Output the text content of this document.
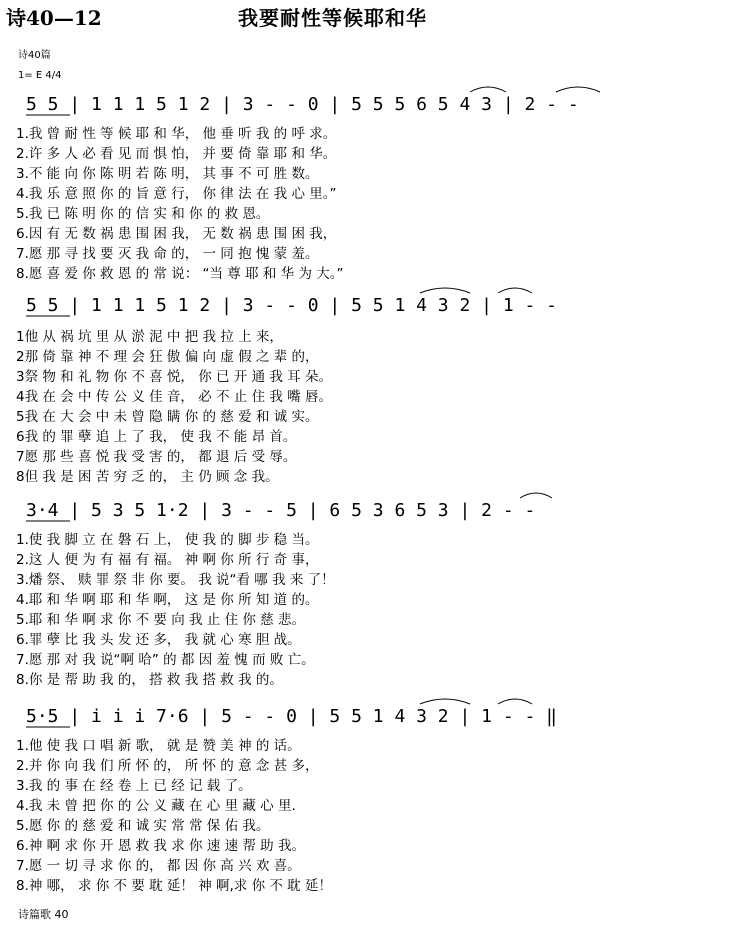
诗40—12	我要耐性等候耶和华
诗40篇
1= E 4/4
5 5 | 1 1 1 5 1 2 | 3 - - 0 | 5 5 5 6 5 4 3 | 2 - -
1.我 曾 耐 性 等 候 耶 和 华， 他 垂 听 我 的 呼 求。
2.许 多 人 必 看 见 而 惧 怕， 并 要 倚 靠 耶 和 华。
3.不 能 向 你 陈 明 若 陈 明， 其 事 不 可 胜 数。
4.我 乐 意 照 你 的 旨 意 行， 你 律 法 在 我 心 里。”
5.我 已 陈 明 你 的 信 实 和 你 的 救 恩。
6.因 有 无 数 祸 患 围 困 我， 无 数 祸 患 围 困 我，
7.愿 那 寻 找 要 灭 我 命 的， 一 同 抱 愧 蒙 羞。
8.愿 喜 爱 你 救 恩 的 常 说： “当 尊 耶 和 华 为 大。”
5 5 | 1 1 1 5 1 2 | 3 - - 0 | 5 5 1 4 3 2 | 1 - -
1他 从 祸 坑 里 从 淤 泥 中 把 我 拉 上 来，
2那 倚 靠 神 不 理 会 狂 傲 偏 向 虚 假 之 辈 的，
3祭 物 和 礼 物 你 不 喜 悦， 你 已 开 通 我 耳 朵。
4我 在 会 中 传 公 义 佳 音， 必 不 止 住 我 嘴 唇。
5我 在 大 会 中 未 曾 隐 瞒 你 的 慈 爱 和 诚 实。
6我 的 罪 孽 追 上 了 我， 使 我 不 能 昂 首。
7愿 那 些 喜 悦 我 受 害 的， 都 退 后 受 辱。
8但 我 是 困 苦 穷 乏 的， 主 仍 顾 念 我。
3·4 | 5 3 5 1·2 | 3 - - 5 | 6 5 3 6 5 3 | 2 - -
1.使 我 脚 立 在 磐 石 上， 使 我 的 脚 步 稳 当。
2.这 人 便 为 有 福 有 福。 神 啊 你 所 行 奇 事，
3.燔 祭、 赎 罪 祭 非 你 要。 我 说“看 哪 我 来 了！
4.耶 和 华 啊 耶 和 华 啊， 这 是 你 所 知 道 的。
5.耶 和 华 啊 求 你 不 要 向 我 止 住 你 慈 悲。
6.罪 孽 比 我 头 发 还 多， 我 就 心 寒 胆 战。
7.愿 那 对 我 说“啊 哈” 的 都 因 羞 愧 而 败 亡。
8.你 是 帮 助 我 的， 搭 救 我 搭 救 我 的。
5·5 | i i i 7·6 | 5 - - 0 | 5 5 1 4 3 2 | 1 - - ‖
1.他 使 我 口 唱 新 歌， 就 是 赞 美 神 的 话。
2.并 你 向 我 们 所 怀 的， 所 怀 的 意 念 甚 多，
3.我 的 事 在 经 卷 上 已 经 记 载 了。
4.我 未 曾 把 你 的 公 义 藏 在 心 里 藏 心 里.
5.愿 你 的 慈 爱 和 诚 实 常 常 保 佑 我。
6.神 啊 求 你 开 恩 救 我 求 你 速 速 帮 助 我。
7.愿 一 切 寻 求 你 的， 都 因 你 高 兴 欢 喜。
8.神 哪， 求 你 不 要 耽 延！ 神 啊,求 你 不 耽 延！
诗篇歌 40
